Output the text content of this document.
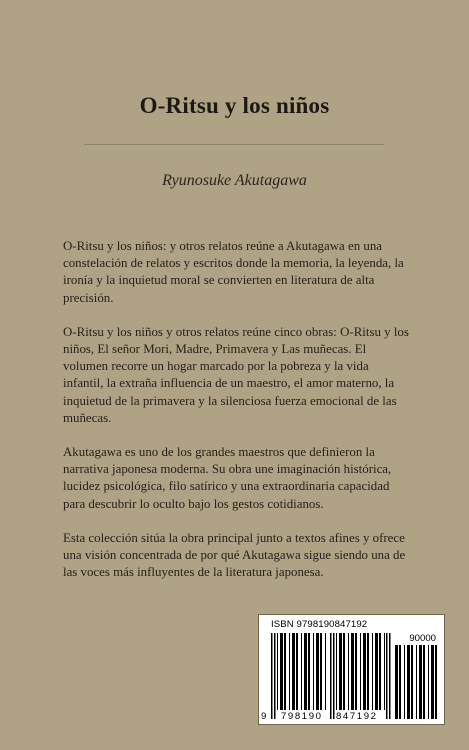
O-Ritsu y los niños
Ryunosuke Akutagawa

O-Ritsu y los niños: y otros relatos reúne a Akutagawa en una constelación de relatos y escritos donde la memoria, la leyenda, la ironía y la inquietud moral se convierten en literatura de alta precisión.

O-Ritsu y los niños y otros relatos reúne cinco obras: O-Ritsu y los niños, El señor Mori, Madre, Primavera y Las muñecas. El volumen recorre un hogar marcado por la pobreza y la vida infantil, la extraña influencia de un maestro, el amor materno, la inquietud de la primavera y la silenciosa fuerza emocional de las muñecas.

Akutagawa es uno de los grandes maestros que definieron la narrativa japonesa moderna. Su obra une imaginación histórica, lucidez psicológica, filo satírico y una extraordinaria capacidad para descubrir lo oculto bajo los gestos cotidianos.

Esta colección sitúa la obra principal junto a textos afines y ofrece una visión concentrada de por qué Akutagawa sigue siendo una de las voces más influyentes de la literatura japonesa.

ISBN 9798190847192
90000
9 798190 847192
